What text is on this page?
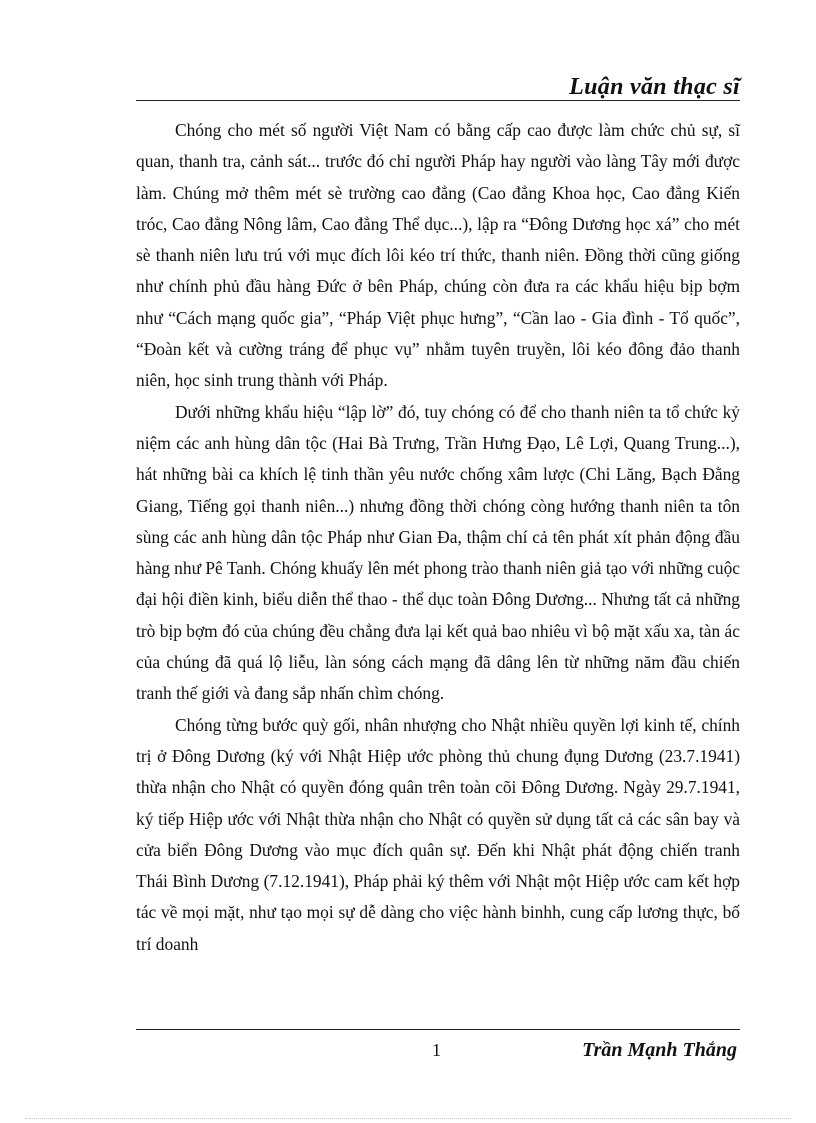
Luận văn thạc sĩ

Chóng cho mét số người Việt Nam có bằng cấp cao được làm chức chủ sự, sĩ quan, thanh tra, cảnh sát... trước đó chỉ người Pháp hay người vào làng Tây mới được làm. Chúng mở thêm mét sè trường cao đẳng (Cao đẳng Khoa học, Cao đẳng Kiến tróc, Cao đẳng Nông lâm, Cao đẳng Thể dục...), lập ra “Đông Dương học xá” cho mét sè thanh niên lưu trú với mục đích lôi kéo trí thức, thanh niên. Đồng thời cũng giống như chính phủ đầu hàng Đức ở bên Pháp, chúng còn đưa ra các khẩu hiệu bịp bợm như “Cách mạng quốc gia”, “Pháp Việt phục hưng”, “Cần lao - Gia đình - Tổ quốc”, “Đoàn kết và cường tráng để phục vụ” nhằm tuyên truyền, lôi kéo đông đảo thanh niên, học sinh trung thành với Pháp.

Dưới những khẩu hiệu “lập lờ” đó, tuy chóng có để cho thanh niên ta tổ chức kỷ niệm các anh hùng dân tộc (Hai Bà Trưng, Trần Hưng Đạo, Lê Lợi, Quang Trung...), hát những bài ca khích lệ tinh thần yêu nước chống xâm lược (Chi Lăng, Bạch Đằng Giang, Tiếng gọi thanh niên...) nhưng đồng thời chóng còng hướng thanh niên ta tôn sùng các anh hùng dân tộc Pháp như Gian Đa, thậm chí cả tên phát xít phản động đầu hàng như Pê Tanh. Chóng khuấy lên mét phong trào thanh niên giả tạo với những cuộc đại hội điền kinh, biểu diễn thể thao - thể dục toàn Đông Dương... Nhưng tất cả những trò bịp bợm đó của chúng đều chẳng đưa lại kết quả bao nhiêu vì bộ mặt xấu xa, tàn ác của chúng đã quá lộ liễu, làn sóng cách mạng đã dâng lên từ những năm đầu chiến tranh thế giới và đang sắp nhấn chìm chóng.

Chóng từng bước quỳ gối, nhân nhượng cho Nhật nhiều quyền lợi kinh tế, chính trị ở Đông Dương (ký với Nhật Hiệp ước phòng thủ chung đụng Dương (23.7.1941) thừa nhận cho Nhật có quyền đóng quân trên toàn cõi Đông Dương. Ngày 29.7.1941, ký tiếp Hiệp ước với Nhật thừa nhận cho Nhật có quyền sử dụng tất cả các sân bay và cửa biển Đông Dương vào mục đích quân sự. Đến khi Nhật phát động chiến tranh Thái Bình Dương (7.12.1941), Pháp phải ký thêm với Nhật một Hiệp ước cam kết hợp tác về mọi mặt, như tạo mọi sự dễ dàng cho việc hành binhh, cung cấp lương thực, bố trí doanh

1	Trần Mạnh Thắng
